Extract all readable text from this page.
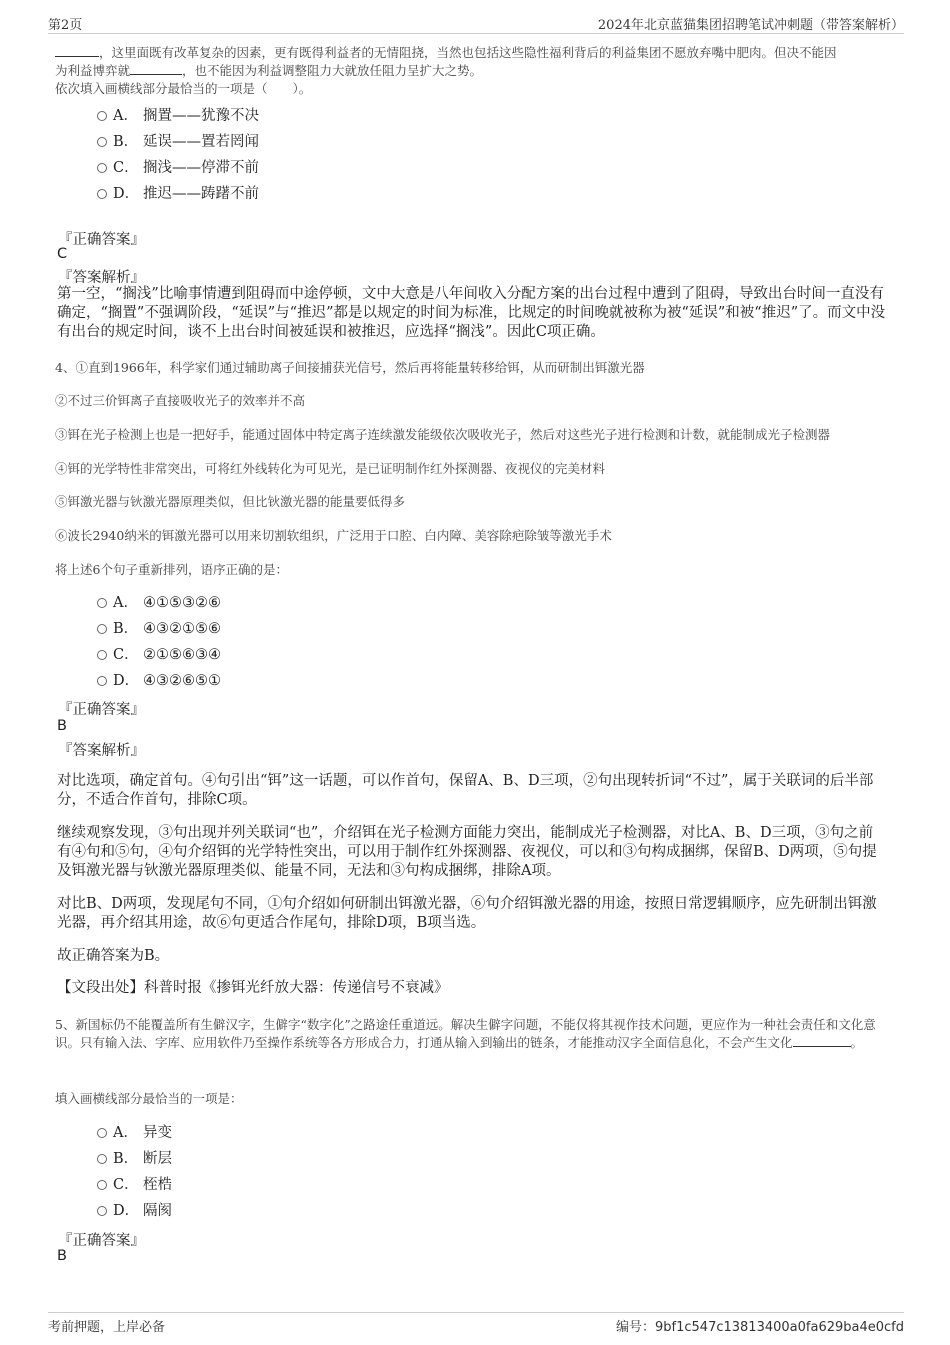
第2页	2024年北京蓝猫集团招聘笔试冲刺题（带答案解析）
，这里面既有改革复杂的因素，更有既得利益者的无情阻挠，当然也包括这些隐性福利背后的利益集团不愿放弃嘴中肥肉。但决不能因
为利益博弈就	，也不能因为利益调整阻力大就放任阻力呈扩大之势。
依次填入画横线部分最恰当的一项是（　　）。
A． 搁置——犹豫不决
B． 延误——置若罔闻
C． 搁浅——停滞不前
D． 推迟——踌躇不前
『正确答案』
C
『答案解析』
第一空，“搁浅”比喻事情遭到阻碍而中途停顿，文中大意是八年间收入分配方案的出台过程中遭到了阻碍，导致出台时间一直没有确定，“搁置”不强调阶段，“延误”与“推迟”都是以规定的时间为标准，比规定的时间晚就被称为被“延误”和被“推迟”了。而文中没有出台的规定时间，谈不上出台时间被延误和被推迟，应选择“搁浅”。因此C项正确。
4、①直到1966年，科学家们通过辅助离子间接捕获光信号，然后再将能量转移给铒，从而研制出铒激光器
②不过三价铒离子直接吸收光子的效率并不高
③铒在光子检测上也是一把好手，能通过固体中特定离子连续激发能级依次吸收光子，然后对这些光子进行检测和计数，就能制成光子检测器
④铒的光学特性非常突出，可将红外线转化为可见光，是已证明制作红外探测器、夜视仪的完美材料
⑤铒激光器与钬激光器原理类似，但比钬激光器的能量要低得多
⑥波长2940纳米的铒激光器可以用来切割软组织，广泛用于口腔、白内障、美容除疤除皱等激光手术
将上述6个句子重新排列，语序正确的是：
A． ④①⑤③②⑥
B． ④③②①⑤⑥
C． ②①⑤⑥③④
D． ④③②⑥⑤①
『正确答案』
B
『答案解析』
对比选项，确定首句。④句引出“铒”这一话题，可以作首句，保留A、B、D三项，②句出现转折词“不过”，属于关联词的后半部分，不适合作首句，排除C项。
继续观察发现，③句出现并列关联词“也”，介绍铒在光子检测方面能力突出，能制成光子检测器，对比A、B、D三项，③句之前有④句和⑤句，④句介绍铒的光学特性突出，可以用于制作红外探测器、夜视仪，可以和③句构成捆绑，保留B、D两项，⑤句提及铒激光器与钬激光器原理类似、能量不同，无法和③句构成捆绑，排除A项。
对比B、D两项，发现尾句不同，①句介绍如何研制出铒激光器，⑥句介绍铒激光器的用途，按照日常逻辑顺序，应先研制出铒激光器，再介绍其用途，故⑥句更适合作尾句，排除D项，B项当选。
故正确答案为B。
【文段出处】科普时报《掺铒光纤放大器：传递信号不衰减》
5、新国标仍不能覆盖所有生僻汉字，生僻字“数字化”之路途任重道远。解决生僻字问题，不能仅将其视作技术问题，更应作为一种社会责任和文化意识。只有输入法、字库、应用软件乃至操作系统等各方形成合力，打通从输入到输出的链条，才能推动汉字全面信息化，不会产生文化	。
填入画横线部分最恰当的一项是：
A． 异变
B． 断层
C． 桎梏
D． 隔阂
『正确答案』
B
考前押题，上岸必备	编号：9bf1c547c13813400a0fa629ba4e0cfd
